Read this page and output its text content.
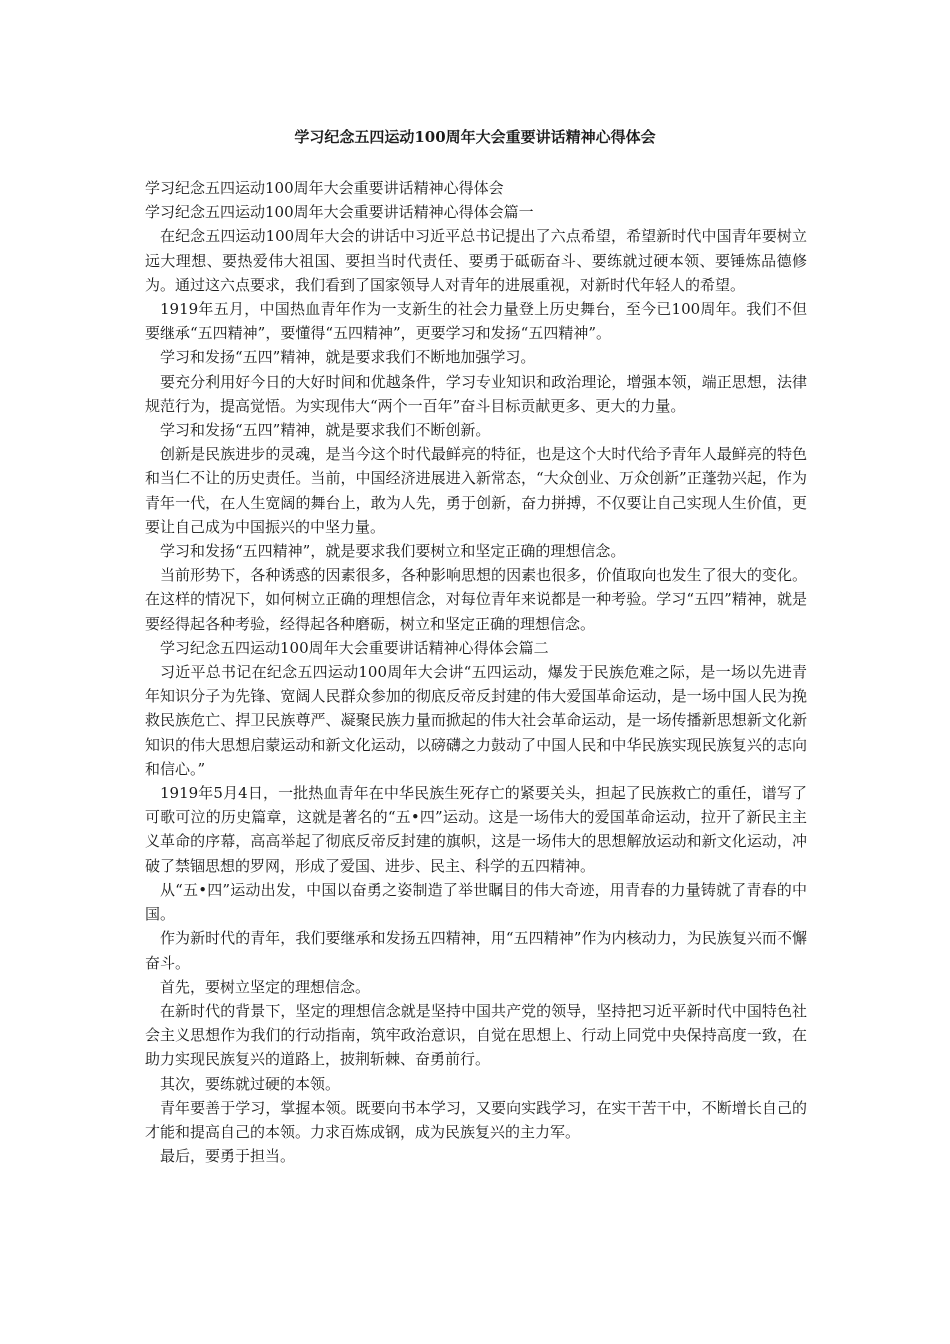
学习纪念五四运动100周年大会重要讲话精神心得体会

学习纪念五四运动100周年大会重要讲话精神心得体会

学习纪念五四运动100周年大会重要讲话精神心得体会篇一

在纪念五四运动100周年大会的讲话中习近平总书记提出了六点希望，希望新时代中国青年要树立远大理想、要热爱伟大祖国、要担当时代责任、要勇于砥砺奋斗、要练就过硬本领、要锤炼品德修为。通过这六点要求，我们看到了国家领导人对青年的进展重视，对新时代年轻人的希望。

1919年五月，中国热血青年作为一支新生的社会力量登上历史舞台，至今已100周年。我们不但要继承“五四精神”，要懂得“五四精神”，更要学习和发扬“五四精神”。

学习和发扬“五四”精神，就是要求我们不断地加强学习。

要充分利用好今日的大好时间和优越条件，学习专业知识和政治理论，增强本领，端正思想，法律规范行为，提高觉悟。为实现伟大“两个一百年”奋斗目标贡献更多、更大的力量。

学习和发扬“五四”精神，就是要求我们不断创新。

创新是民族进步的灵魂，是当今这个时代最鲜亮的特征，也是这个大时代给予青年人最鲜亮的特色和当仁不让的历史责任。当前，中国经济进展进入新常态，“大众创业、万众创新”正蓬勃兴起，作为青年一代，在人生宽阔的舞台上，敢为人先，勇于创新，奋力拼搏，不仅要让自己实现人生价值，更要让自己成为中国振兴的中坚力量。

学习和发扬“五四精神”，就是要求我们要树立和坚定正确的理想信念。

当前形势下，各种诱惑的因素很多，各种影响思想的因素也很多，价值取向也发生了很大的变化。在这样的情况下，如何树立正确的理想信念，对每位青年来说都是一种考验。学习“五四”精神，就是要经得起各种考验，经得起各种磨砺，树立和坚定正确的理想信念。

学习纪念五四运动100周年大会重要讲话精神心得体会篇二

习近平总书记在纪念五四运动100周年大会讲“五四运动，爆发于民族危难之际，是一场以先进青年知识分子为先锋、宽阔人民群众参加的彻底反帝反封建的伟大爱国革命运动，是一场中国人民为挽救民族危亡、捍卫民族尊严、凝聚民族力量而掀起的伟大社会革命运动，是一场传播新思想新文化新知识的伟大思想启蒙运动和新文化运动，以磅礴之力鼓动了中国人民和中华民族实现民族复兴的志向和信心。”

1919年5月4日，一批热血青年在中华民族生死存亡的紧要关头，担起了民族救亡的重任，谱写了可歌可泣的历史篇章，这就是著名的“五•四”运动。这是一场伟大的爱国革命运动，拉开了新民主主义革命的序幕，高高举起了彻底反帝反封建的旗帜，这是一场伟大的思想解放运动和新文化运动，冲破了禁锢思想的罗网，形成了爱国、进步、民主、科学的五四精神。

从“五•四”运动出发，中国以奋勇之姿制造了举世瞩目的伟大奇迹，用青春的力量铸就了青春的中国。

作为新时代的青年，我们要继承和发扬五四精神，用“五四精神”作为内核动力，为民族复兴而不懈奋斗。

首先，要树立坚定的理想信念。

在新时代的背景下，坚定的理想信念就是坚持中国共产党的领导，坚持把习近平新时代中国特色社会主义思想作为我们的行动指南，筑牢政治意识，自觉在思想上、行动上同党中央保持高度一致，在助力实现民族复兴的道路上，披荆斩棘、奋勇前行。

其次，要练就过硬的本领。

青年要善于学习，掌握本领。既要向书本学习，又要向实践学习，在实干苦干中，不断增长自己的才能和提高自己的本领。力求百炼成钢，成为民族复兴的主力军。

最后，要勇于担当。
